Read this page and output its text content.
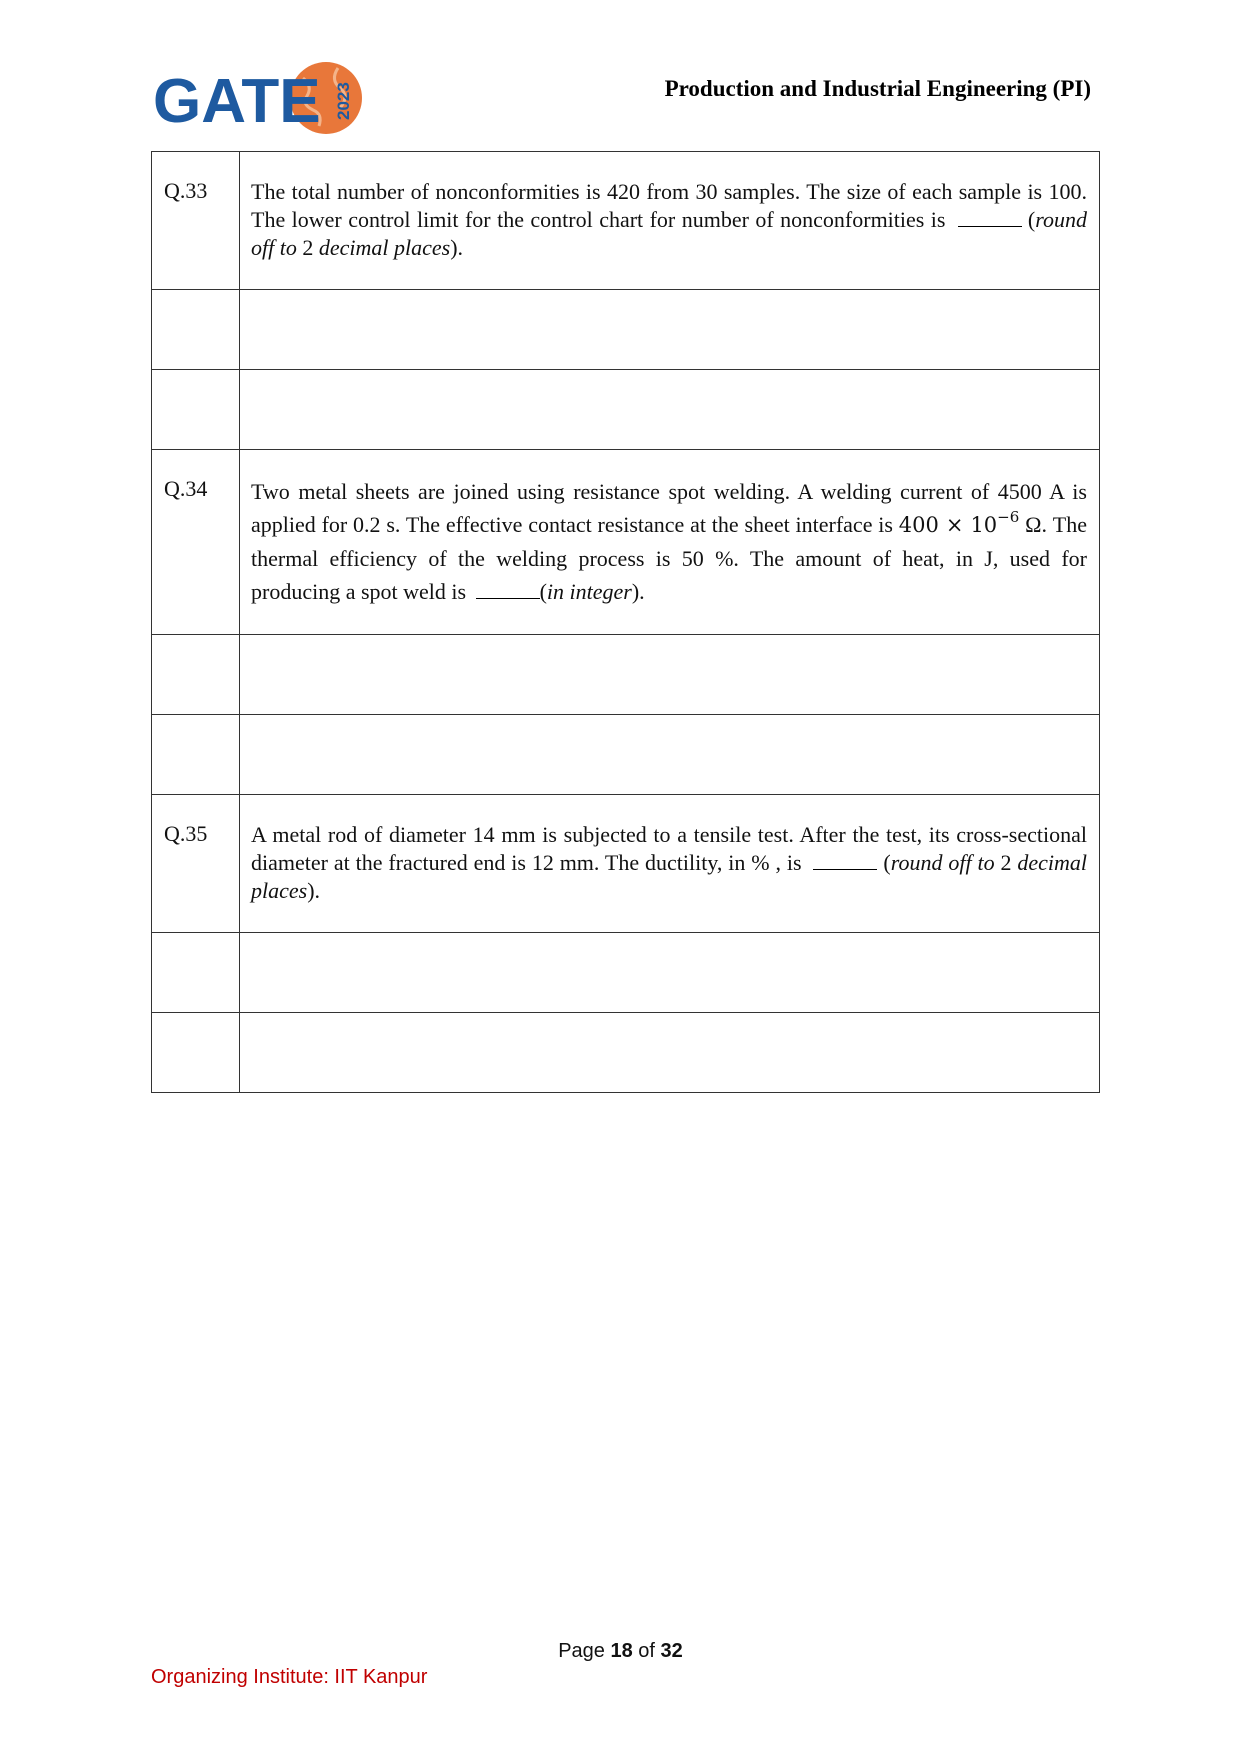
GATE 2023	Production and Industrial Engineering (PI)
Q.33	The total number of nonconformities is 420 from 30 samples. The size of each sample is 100. The lower control limit for the control chart for number of nonconformities is (round off to 2 decimal places).

Q.34	Two metal sheets are joined using resistance spot welding. A welding current of 4500 A is applied for 0.2 s. The effective contact resistance at the sheet interface is $400 \times 10^{-6}$ Ω. The thermal efficiency of the welding process is 50 %. The amount of heat, in J, used for producing a spot weld is (in integer).

Q.35	A metal rod of diameter 14 mm is subjected to a tensile test. After the test, its cross-sectional diameter at the fractured end is 12 mm. The ductility, in % , is (round off to 2 decimal places).

Page 18 of 32
Organizing Institute: IIT Kanpur
